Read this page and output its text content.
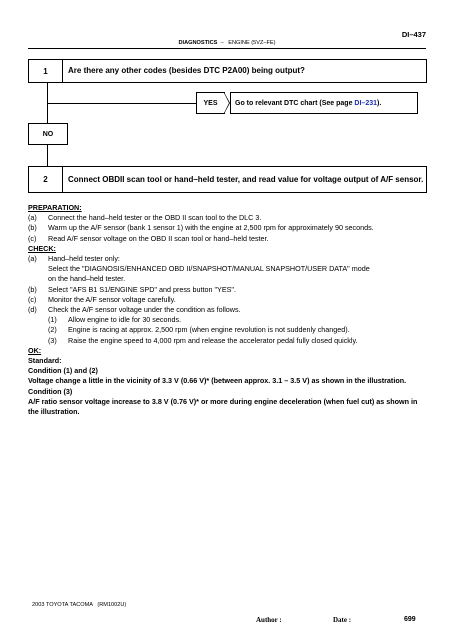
DI–437
DIAGNOSTICS  –   ENGINE (5VZ–FE)
1	Are there any other codes (besides DTC P2A00) being output?
YES	Go to relevant DTC chart (See page DI–231 ).
NO
2	Connect OBDII scan tool or hand–held tester, and read value for voltage output of A/F sensor.
PREPARATION:
(a)	Connect the hand–held tester or the OBD II scan tool to the DLC 3.
(b)	Warm up the A/F sensor (bank 1 sensor 1) with the engine at 2,500 rpm for approximately 90 seconds.
(c)	Read A/F sensor voltage on the OBD II scan tool or hand–held tester.
CHECK:
(a)	Hand–held tester only:
Select the "DIAGNOSIS/ENHANCED OBD II/SNAPSHOT/MANUAL SNAPSHOT/USER DATA" mode
on the hand–held tester.
(b)	Select "AFS B1 S1/ENGINE SPD" and press button "YES".
(c)	Monitor the A/F sensor voltage carefully.
(d)	Check the A/F sensor voltage under the condition as follows.
(1)	Allow engine to idle for 30 seconds.
(2)	Engine is racing at approx. 2,500 rpm (when engine revolution is not suddenly changed).
(3)	Raise the engine speed to 4,000 rpm and release the accelerator pedal fully closed quickly.
OK:
Standard:
Condition (1) and (2)
Voltage change a little in the vicinity of 3.3 V (0.66 V)* (between approx. 3.1 – 3.5 V) as shown in the illustration.
Condition (3)
A/F ratio sensor voltage increase to 3.8 V (0.76 V)* or more during engine deceleration (when fuel cut) as shown in the illustration.
2003 TOYOTA TACOMA   (RM1002U)
Author :	Date :	699
